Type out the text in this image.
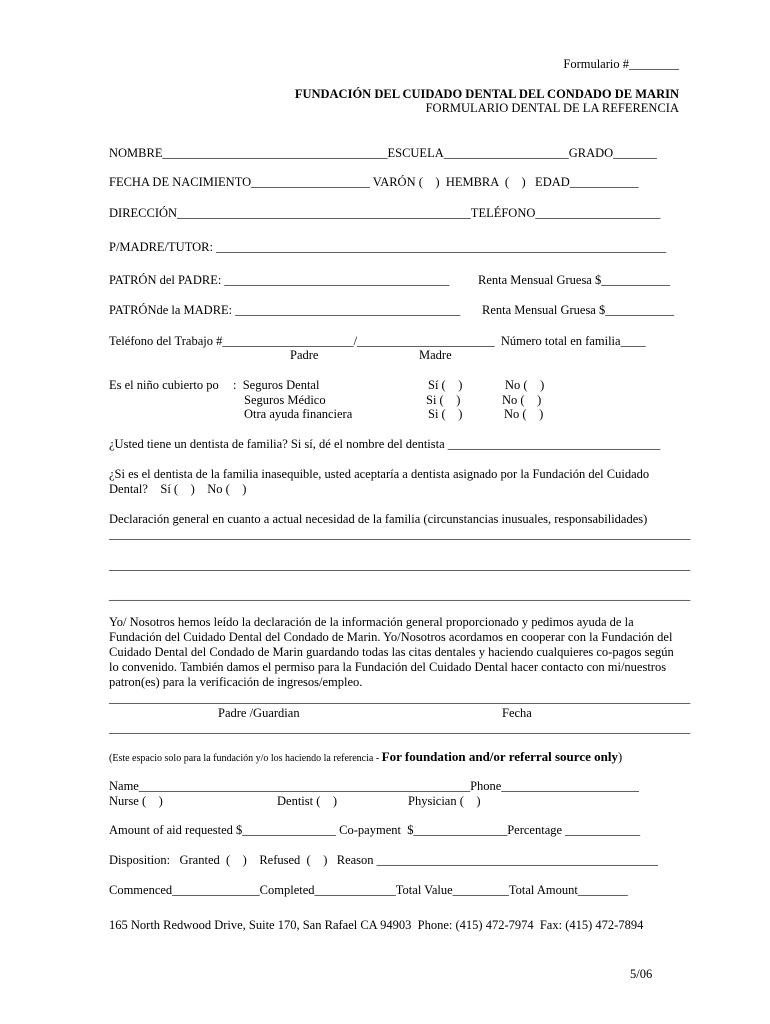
Formulario #________
FUNDACIÓN DEL CUIDADO DENTAL DEL CONDADO DE MARIN
FORMULARIO DENTAL DE LA REFERENCIA
NOMBRE____________________________________ESCUELA____________________GRADO_______
FECHA DE NACIMIENTO___________________ VARÓN (    )  HEMBRA  (    )   EDAD___________
DIRECCIÓN_______________________________________________TELÉFONO____________________
P/MADRE/TUTOR: ________________________________________________________________________
PATRÓN del PADRE: ____________________________________ Renta Mensual Gruesa $___________
PATRÓNde la MADRE: ____________________________________ Renta Mensual Gruesa $___________
Teléfono del Trabajo #_____________________/______________________  Número total en familia____
Padre	Madre
Es el niño cubierto po :  Seguros Dental	Sí (    )	No (    )
Seguros Médico	Si (    )	No (    )
Otra ayuda financiera	Si (    )	No (    )
¿Usted tiene un dentista de familia? Si sí, dé el nombre del dentista __________________________________
¿Si es el dentista de la familia inasequible, usted aceptaría a dentista asignado por la Fundación del Cuidado
Dental?    Sí (    )    No (    )
Declaración general en cuanto a actual necesidad de la familia (circunstancias inusuales, responsabilidades)
_____________________________________________________________________________________________
_____________________________________________________________________________________________
_____________________________________________________________________________________________
Yo/ Nosotros hemos leído la declaración de la información general proporcionado y pedimos ayuda de la
Fundación del Cuidado Dental del Condado de Marin. Yo/Nosotros acordamos en cooperar con la Fundación del
Cuidado Dental del Condado de Marin guardando todas las citas dentales y haciendo cualquieres co-pagos según
lo convenido. También damos el permiso para la Fundación del Cuidado Dental hacer contacto con mi/nuestros
patron(es) para la verificación de ingresos/empleo.
_____________________________________________________________________________________________
Padre /Guardian	Fecha
_____________________________________________________________________________________________
(Este espacio solo para la fundación y/o los haciendo la referencia - For foundation and/or referral source only)
Name_____________________________________________________Phone______________________
Nurse (    )	Dentist (    )	Physician (    )
Amount of aid requested $_______________ Co-payment  $_______________Percentage ____________
Disposition:   Granted  (    )    Refused  (    )   Reason _____________________________________________
Commenced______________Completed_____________Total Value_________Total Amount________
165 North Redwood Drive, Suite 170, San Rafael CA 94903  Phone: (415) 472-7974  Fax: (415) 472-7894
5/06
